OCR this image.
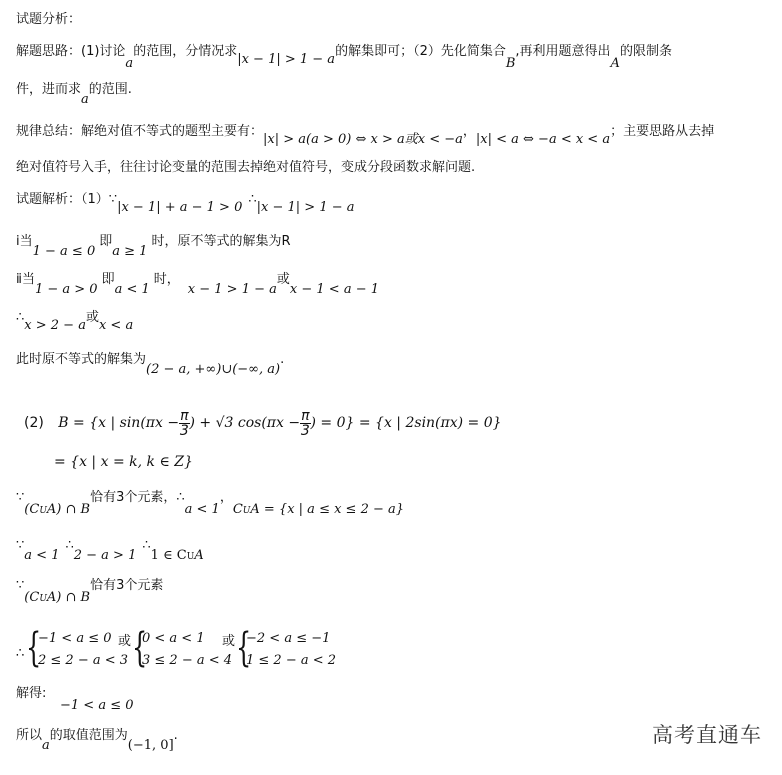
试题分析：
解题思路：(1)讨论a的范围，分情况求|x − 1| > 1 − a的解集即可；（2）先化简集合B,再利用题意得出A的限制条
件，进而求a的范围.
规律总结：解绝对值不等式的题型主要有：|x| > a(a > 0) ⇔ x > a或x < −a，|x| < a ⇔ −a < x < a；主要思路从去掉
绝对值符号入手，往往讨论变量的范围去掉绝对值符号，变成分段函数求解问题.
试题解析：（1）∵|x − 1| + a − 1 > 0∴|x − 1| > 1 − a
ⅰ当1 − a ≤ 0即a ≥ 1时，原不等式的解集为R
ⅱ当1 − a > 0即a < 1时，x − 1 > 1 − a或x − 1 < a − 1
∴x > 2 − a或x < a
此时原不等式的解集为(2 − a, +∞)∪(−∞, a).
(2) B = {x | $\sin(\pi x - \frac{\pi}{3}$ ) + √3 $\cos(\pi x - \frac{\pi}{3}$ ) = 0} = {x | 2sin(πx) = 0}
= {x | x = k, k ∈ Z}
∵(CUA) ∩ B恰有3个元素，∴a < 1，CUA = {x | a ≤ x ≤ 2 − a}
∵a < 1∴2 − a > 1∴1 ∈ CUA
∵(CUA) ∩ B恰有3个元素
∴ {
−1 < a ≤ 0
2 ≤ 2 − a < 3
或 {
0 < a < 1
3 ≤ 2 − a < 4
或 {
−2 < a ≤ −1
1 ≤ 2 − a < 2
解得:
−1 < a ≤ 0
所以a的取值范围为(−1, 0].	高考直通车
